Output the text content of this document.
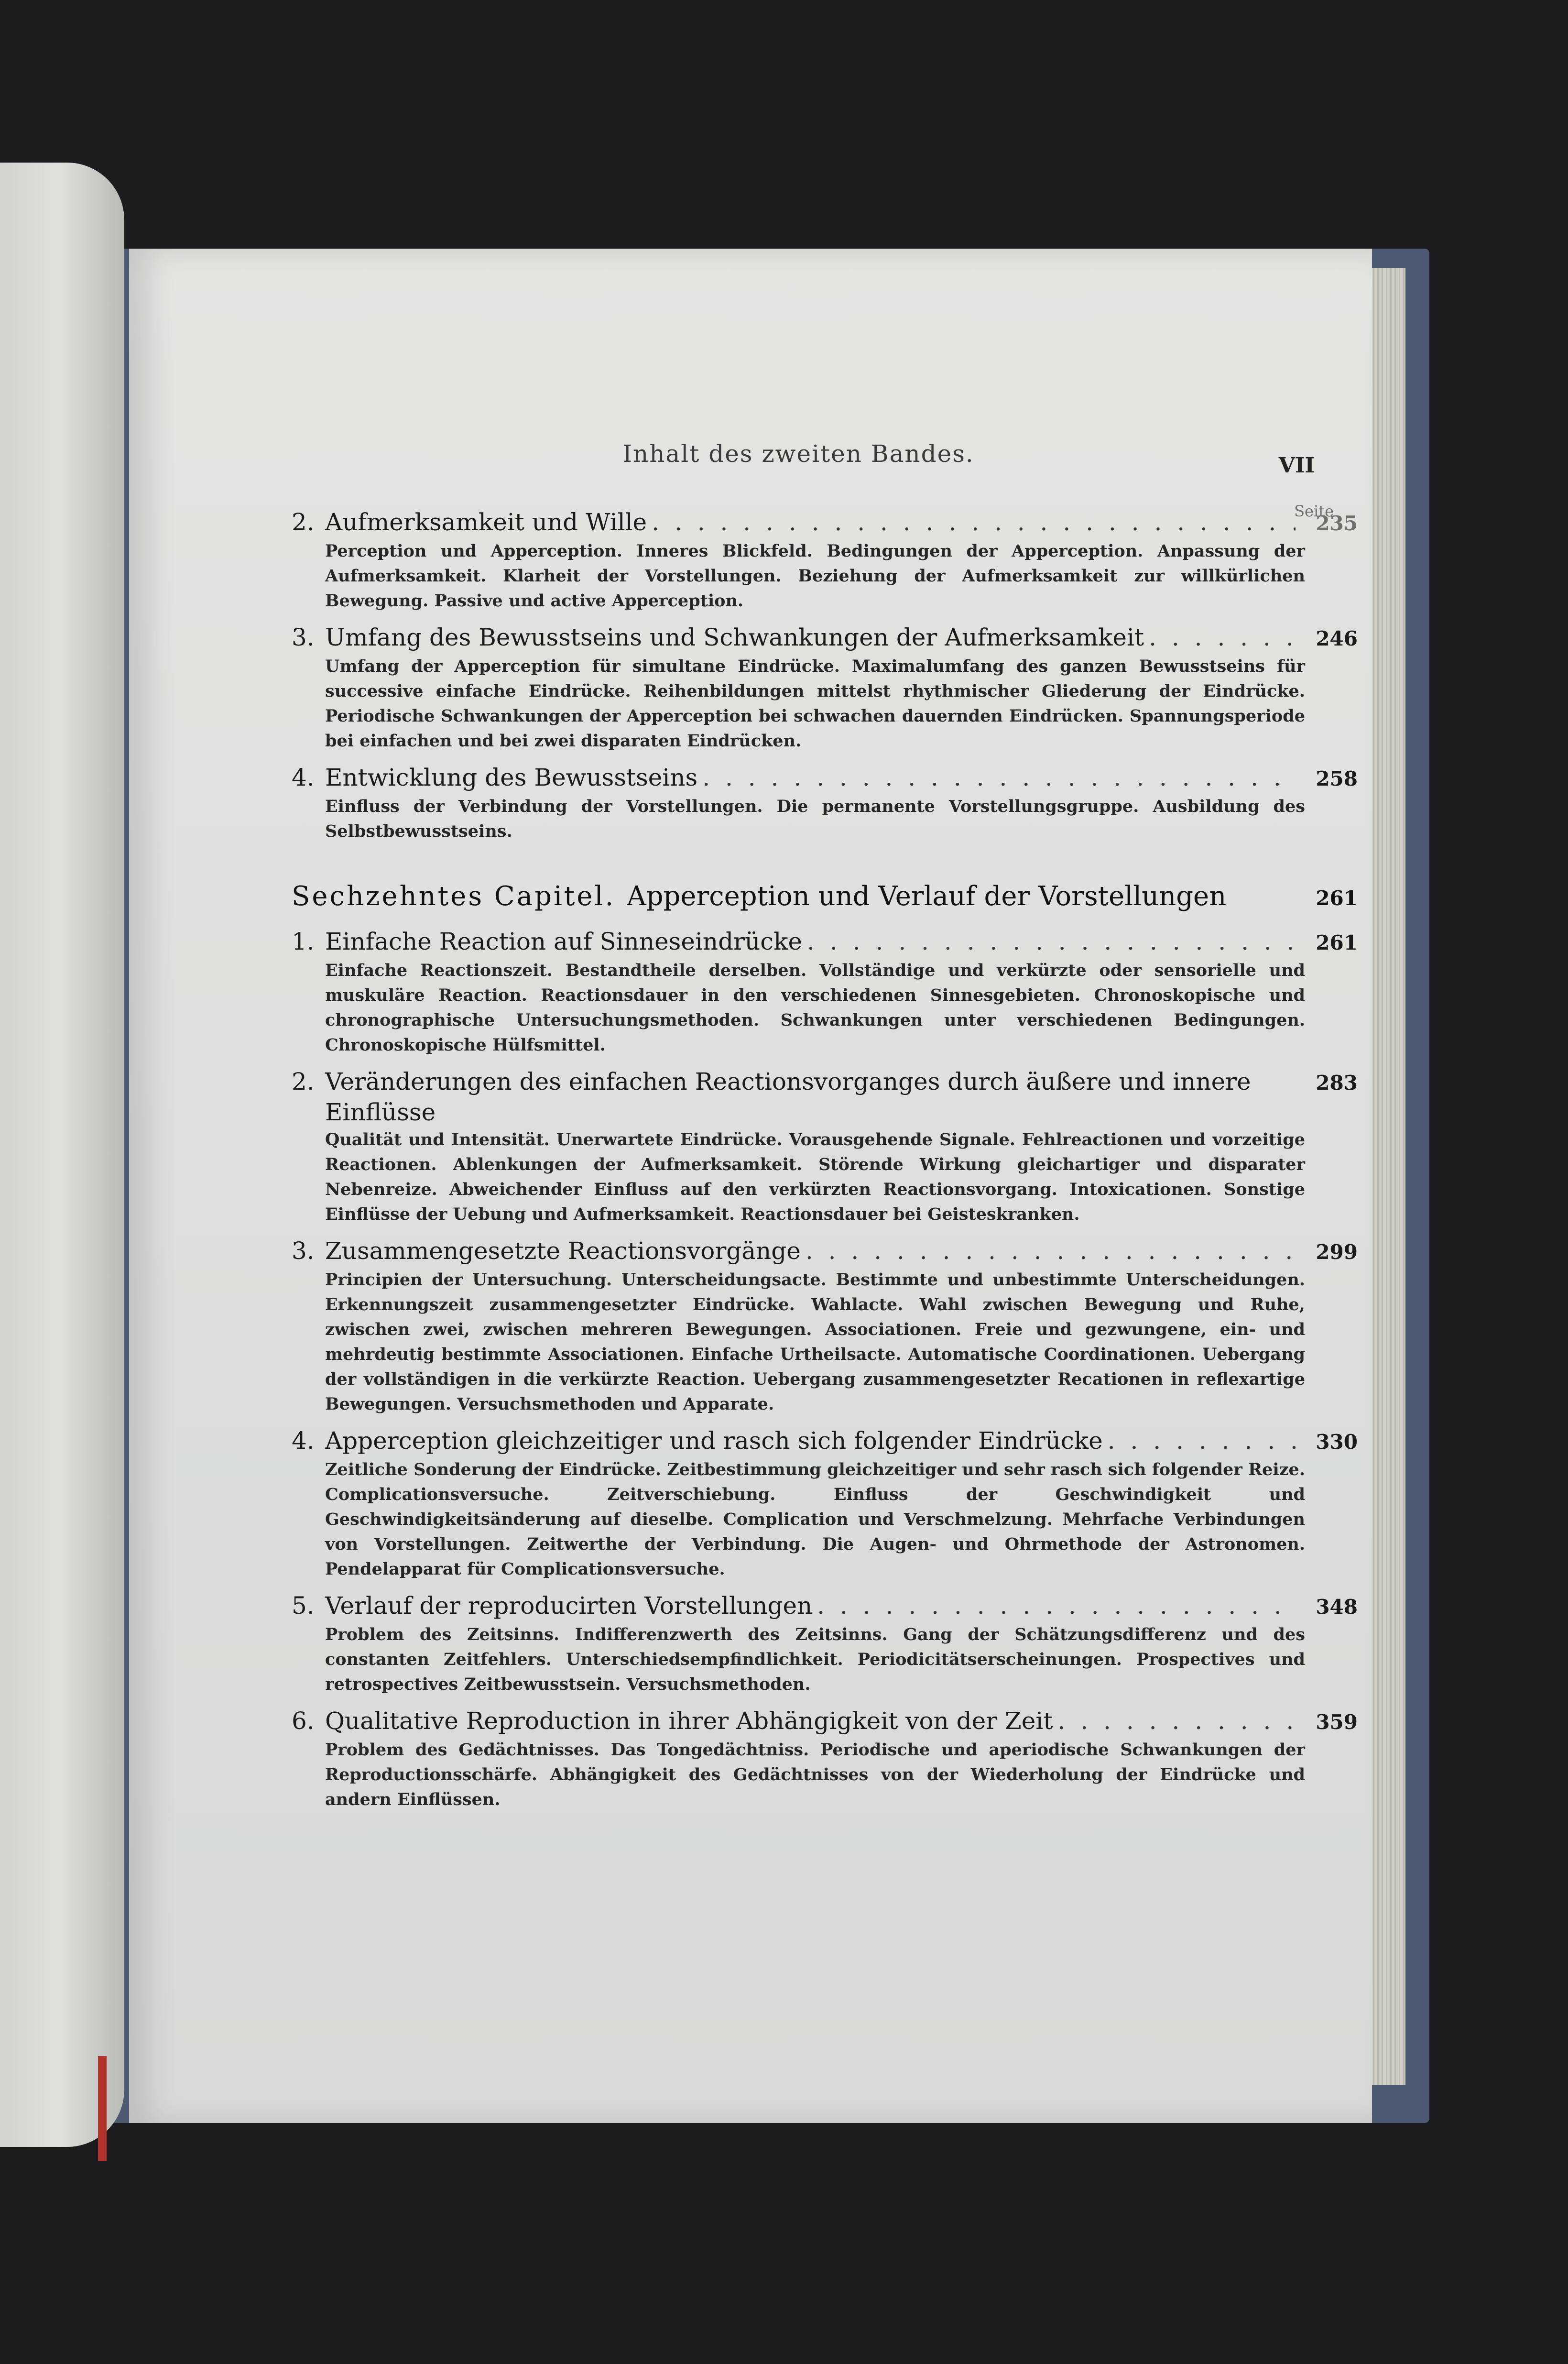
Inhalt des zweiten Bandes.	VII
Seite
2. Aufmerksamkeit und Wille . . .	235
Perception und Apperception. Inneres Blickfeld. Bedingungen der Apperception. Anpassung der Aufmerksamkeit. Klarheit der Vorstellungen. Beziehung der Aufmerksamkeit zur willkürlichen Bewegung. Passive und active Apperception.
3. Umfang des Bewusstseins und Schwankungen der Aufmerksamkeit . . .	246
Umfang der Apperception für simultane Eindrücke. Maximalumfang des ganzen Bewusstseins für successive einfache Eindrücke. Reihenbildungen mittelst rhythmischer Gliederung der Eindrücke. Periodische Schwankungen der Apperception bei schwachen dauernden Eindrücken. Spannungsperiode bei einfachen und bei zwei disparaten Eindrücken.
4. Entwicklung des Bewusstseins . . .	258
Einfluss der Verbindung der Vorstellungen. Die permanente Vorstellungsgruppe. Ausbildung des Selbstbewusstseins.
Sechzehntes Capitel. Apperception und Verlauf der Vorstellungen	261
1. Einfache Reaction auf Sinneseindrücke . . .	261
Einfache Reactionszeit. Bestandtheile derselben. Vollständige und verkürzte oder sensorielle und muskuläre Reaction. Reactionsdauer in den verschiedenen Sinnesgebieten. Chronoskopische und chronographische Untersuchungsmethoden. Schwankungen unter verschiedenen Bedingungen. Chronoskopische Hülfsmittel.
2. Veränderungen des einfachen Reactionsvorganges durch äußere und innere Einflüsse
283
Qualität und Intensität. Unerwartete Eindrücke. Vorausgehende Signale. Fehlreactionen und vorzeitige Reactionen. Ablenkungen der Aufmerksamkeit. Störende Wirkung gleichartiger und disparater Nebenreize. Abweichender Einfluss auf den verkürzten Reactionsvorgang. Intoxicationen. Sonstige Einflüsse der Uebung und Aufmerksamkeit. Reactionsdauer bei Geisteskranken.
3. Zusammengesetzte Reactionsvorgänge . . .	299
Principien der Untersuchung. Unterscheidungsacte. Bestimmte und unbestimmte Unterscheidungen. Erkennungszeit zusammengesetzter Eindrücke. Wahlacte. Wahl zwischen Bewegung und Ruhe, zwischen zwei, zwischen mehreren Bewegungen. Associationen. Freie und gezwungene, ein- und mehrdeutig bestimmte Associationen. Einfache Urtheilsacte. Automatische Coordinationen. Uebergang der vollständigen in die verkürzte Reaction. Uebergang zusammengesetzter Recationen in reflexartige Bewegungen. Versuchsmethoden und Apparate.
4. Apperception gleichzeitiger und rasch sich folgender Eindrücke . . .	330
Zeitliche Sonderung der Eindrücke. Zeitbestimmung gleichzeitiger und sehr rasch sich folgender Reize. Complicationsversuche. Zeitverschiebung. Einfluss der Geschwindigkeit und Geschwindigkeitsänderung auf dieselbe. Complication und Verschmelzung. Mehrfache Verbindungen von Vorstellungen. Zeitwerthe der Verbindung. Die Augen- und Ohrmethode der Astronomen. Pendelapparat für Complicationsversuche.
5. Verlauf der reproducirten Vorstellungen . . .	348
Problem des Zeitsinns. Indifferenzwerth des Zeitsinns. Gang der Schätzungsdifferenz und des constanten Zeitfehlers. Unterschiedsempfindlichkeit. Periodicitätserscheinungen. Prospectives und retrospectives Zeitbewusstsein. Versuchsmethoden.
6. Qualitative Reproduction in ihrer Abhängigkeit von der Zeit . . .	359
Problem des Gedächtnisses. Das Tongedächtniss. Periodische und aperiodische Schwankungen der Reproductionsschärfe. Abhängigkeit des Gedächtnisses von der Wiederholung der Eindrücke und andern Einflüssen.
